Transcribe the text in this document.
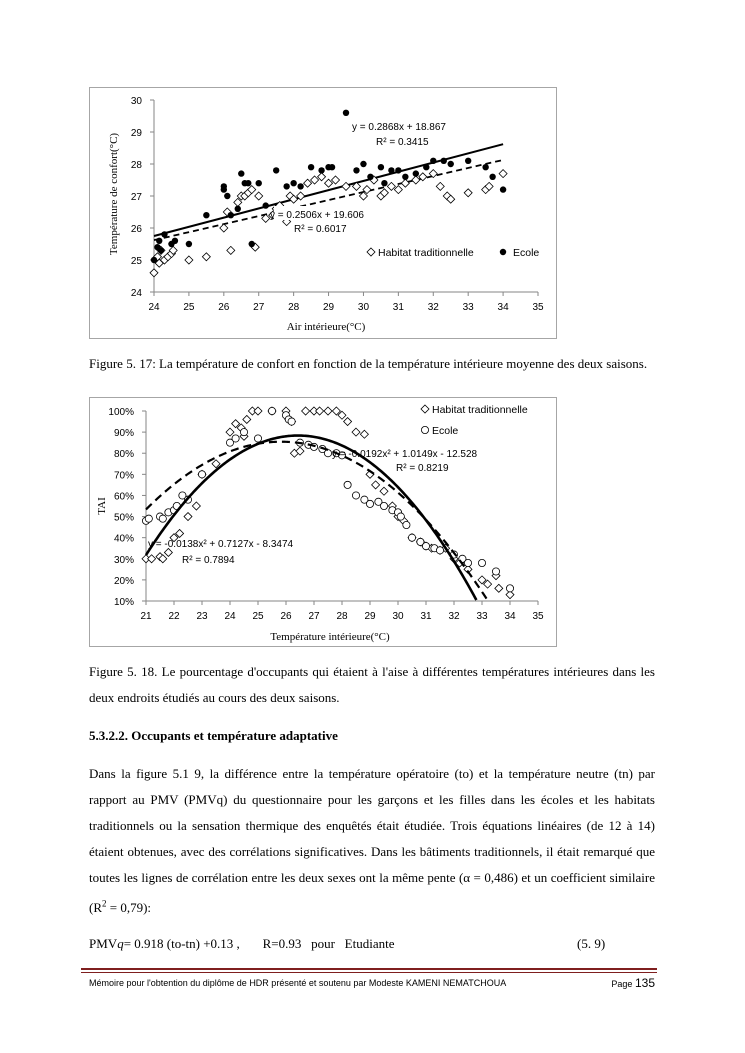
24
25
26
27
28
29
30
24 25 26 27 28 29 30 31 32 33 34 35
Température de confort(°C)
Air intérieure(°C)
y = 0.2868x + 18.867
R² = 0.3415
y = 0.2506x + 19.606
R² = 0.6017
Habitat traditionnelle	Ecole
Figure 5. 17: La température de confort en fonction de la température intérieure moyenne des deux saisons.
10%
20%
30%
40%
50%
60%
70%
80%
90%
100%
21 22 23 24 25 26 27 28 29 30 31 32 33 34 35
TAI
Température intérieure(°C)
y = -0.0192x² + 1.0149x - 12.528
R² = 0.8219
y = -0.0138x² + 0.7127x - 8.3474
R² = 0.7894
Habitat traditionnelle
Ecole
Figure 5. 18. Le pourcentage d'occupants qui étaient à l'aise à différentes températures intérieures dans les deux endroits étudiés au cours des deux saisons.
5.3.2.2. Occupants et température adaptative
Dans la figure 5.1 9, la différence entre la température opératoire (to) et la température neutre (tn) par rapport au PMV (PMVq) du questionnaire pour les garçons et les filles dans les écoles et les habitats traditionnels ou la sensation thermique des enquêtés était étudiée. Trois équations linéaires (de 12 à 14) étaient obtenues, avec des corrélations significatives. Dans les bâtiments traditionnels, il était remarqué que toutes les lignes de corrélation entre les deux sexes ont la même pente (α = 0,486) et un coefficient similaire $(R^2 = 0,79)$:
PMVq= 0.918 (to-tn) +0.13 , R=0.93 pour Etudiante	(5. 9)
Mémoire pour l'obtention du diplôme de HDR présenté et soutenu par Modeste KAMENI NEMATCHOUA	Page 135
